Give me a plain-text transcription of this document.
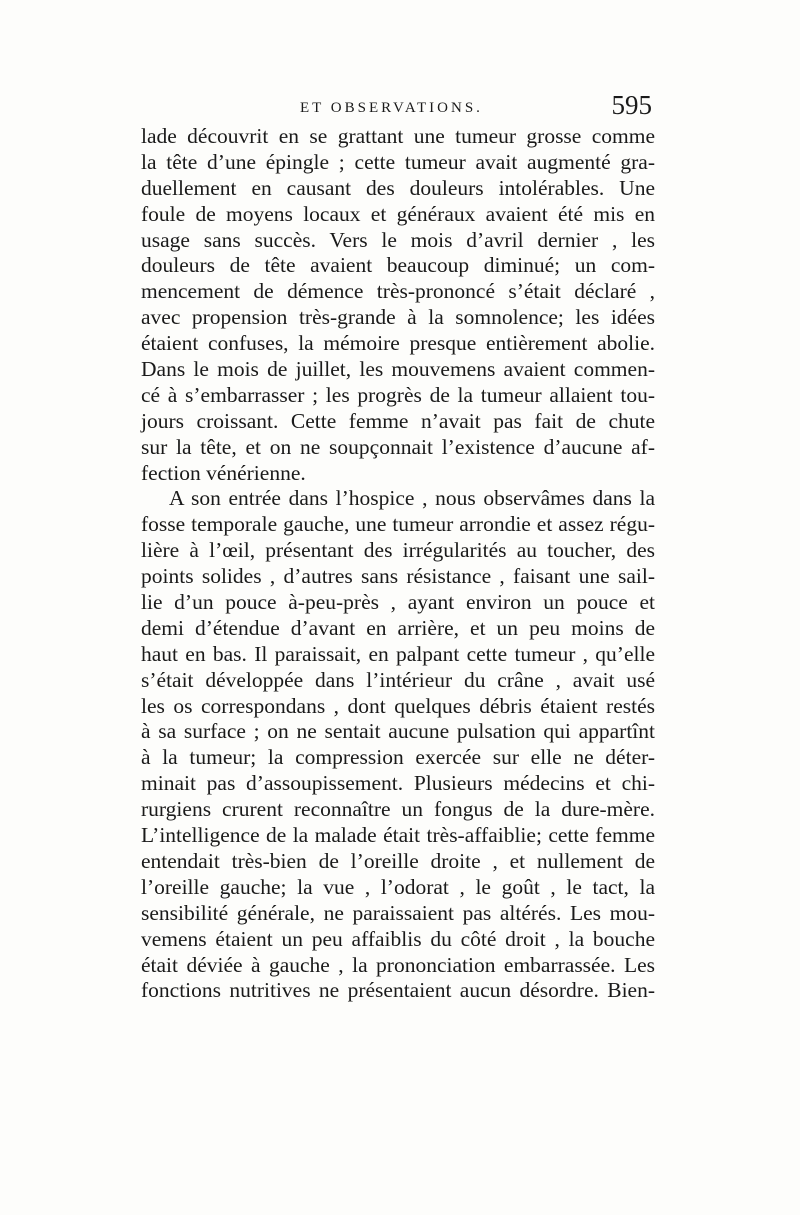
ET OBSERVATIONS.	595
lade découvrit en se grattant une tumeur grosse comme
la tête d’une épingle ; cette tumeur avait augmenté gra-
duellement en causant des douleurs intolérables. Une
foule de moyens locaux et généraux avaient été mis en
usage sans succès. Vers le mois d’avril dernier , les
douleurs de tête avaient beaucoup diminué; un com-
mencement de démence très-prononcé s’était déclaré ,
avec propension très-grande à la somnolence; les idées
étaient confuses, la mémoire presque entièrement abolie.
Dans le mois de juillet, les mouvemens avaient commen-
cé à s’embarrasser ; les progrès de la tumeur allaient tou-
jours croissant. Cette femme n’avait pas fait de chute
sur la tête, et on ne soupçonnait l’existence d’aucune af-
fection vénérienne.
A son entrée dans l’hospice , nous observâmes dans la
fosse temporale gauche, une tumeur arrondie et assez régu-
lière à l’œil, présentant des irrégularités au toucher, des
points solides , d’autres sans résistance , faisant une sail-
lie d’un pouce à-peu-près , ayant environ un pouce et
demi d’étendue d’avant en arrière, et un peu moins de
haut en bas. Il paraissait, en palpant cette tumeur , qu’elle
s’était développée dans l’intérieur du crâne , avait usé
les os correspondans , dont quelques débris étaient restés
à sa surface ; on ne sentait aucune pulsation qui appartînt
à la tumeur; la compression exercée sur elle ne déter-
minait pas d’assoupissement. Plusieurs médecins et chi-
rurgiens crurent reconnaître un fongus de la dure-mère.
L’intelligence de la malade était très-affaiblie; cette femme
entendait très-bien de l’oreille droite , et nullement de
l’oreille gauche; la vue , l’odorat , le goût , le tact, la
sensibilité générale, ne paraissaient pas altérés. Les mou-
vemens étaient un peu affaiblis du côté droit , la bouche
était déviée à gauche , la prononciation embarrassée. Les
fonctions nutritives ne présentaient aucun désordre. Bien-
